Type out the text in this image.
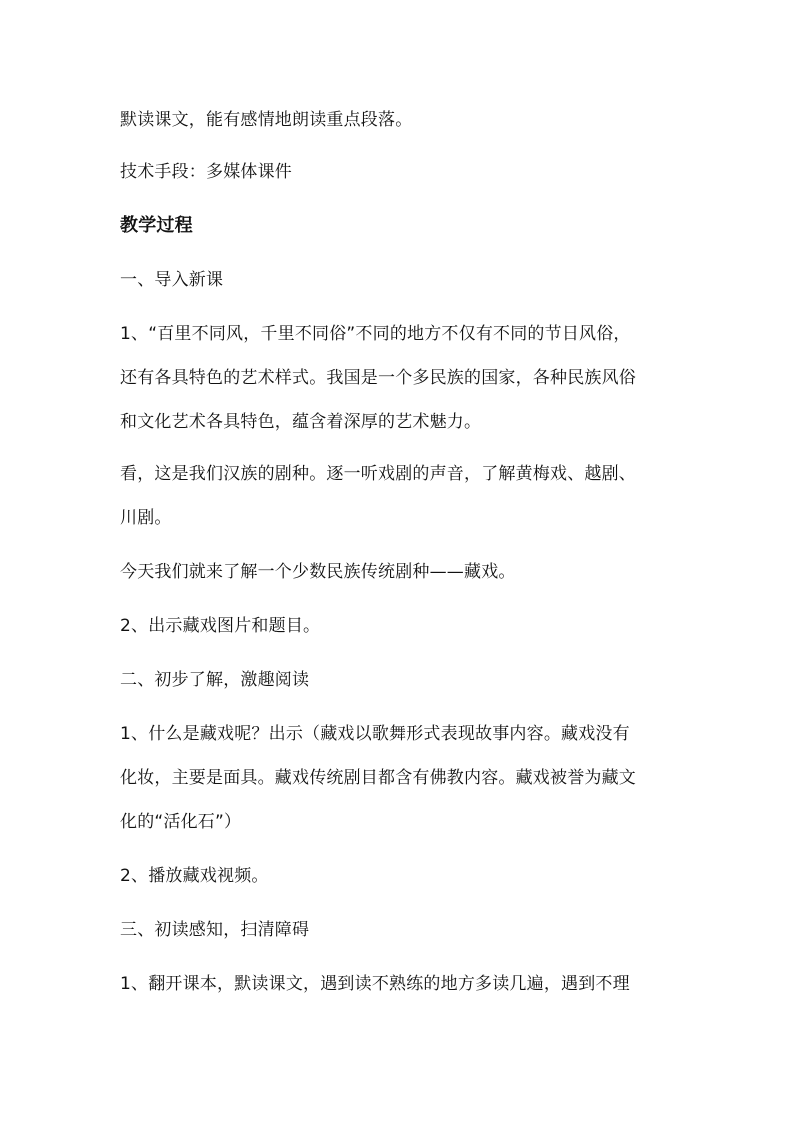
默读课文，能有感情地朗读重点段落。

技术手段：多媒体课件

教学过程

一、导入新课

1、“百里不同风，千里不同俗”不同的地方不仅有不同的节日风俗，

还有各具特色的艺术样式。我国是一个多民族的国家，各种民族风俗

和文化艺术各具特色，蕴含着深厚的艺术魅力。

看，这是我们汉族的剧种。逐一听戏剧的声音，了解黄梅戏、越剧、

川剧。

今天我们就来了解一个少数民族传统剧种——藏戏。

2、出示藏戏图片和题目。

二、初步了解，激趣阅读

1、什么是藏戏呢？出示（藏戏以歌舞形式表现故事内容。藏戏没有

化妆，主要是面具。藏戏传统剧目都含有佛教内容。藏戏被誉为藏文

化的“活化石”）

2、播放藏戏视频。

三、初读感知，扫清障碍

1、翻开课本，默读课文，遇到读不熟练的地方多读几遍，遇到不理
